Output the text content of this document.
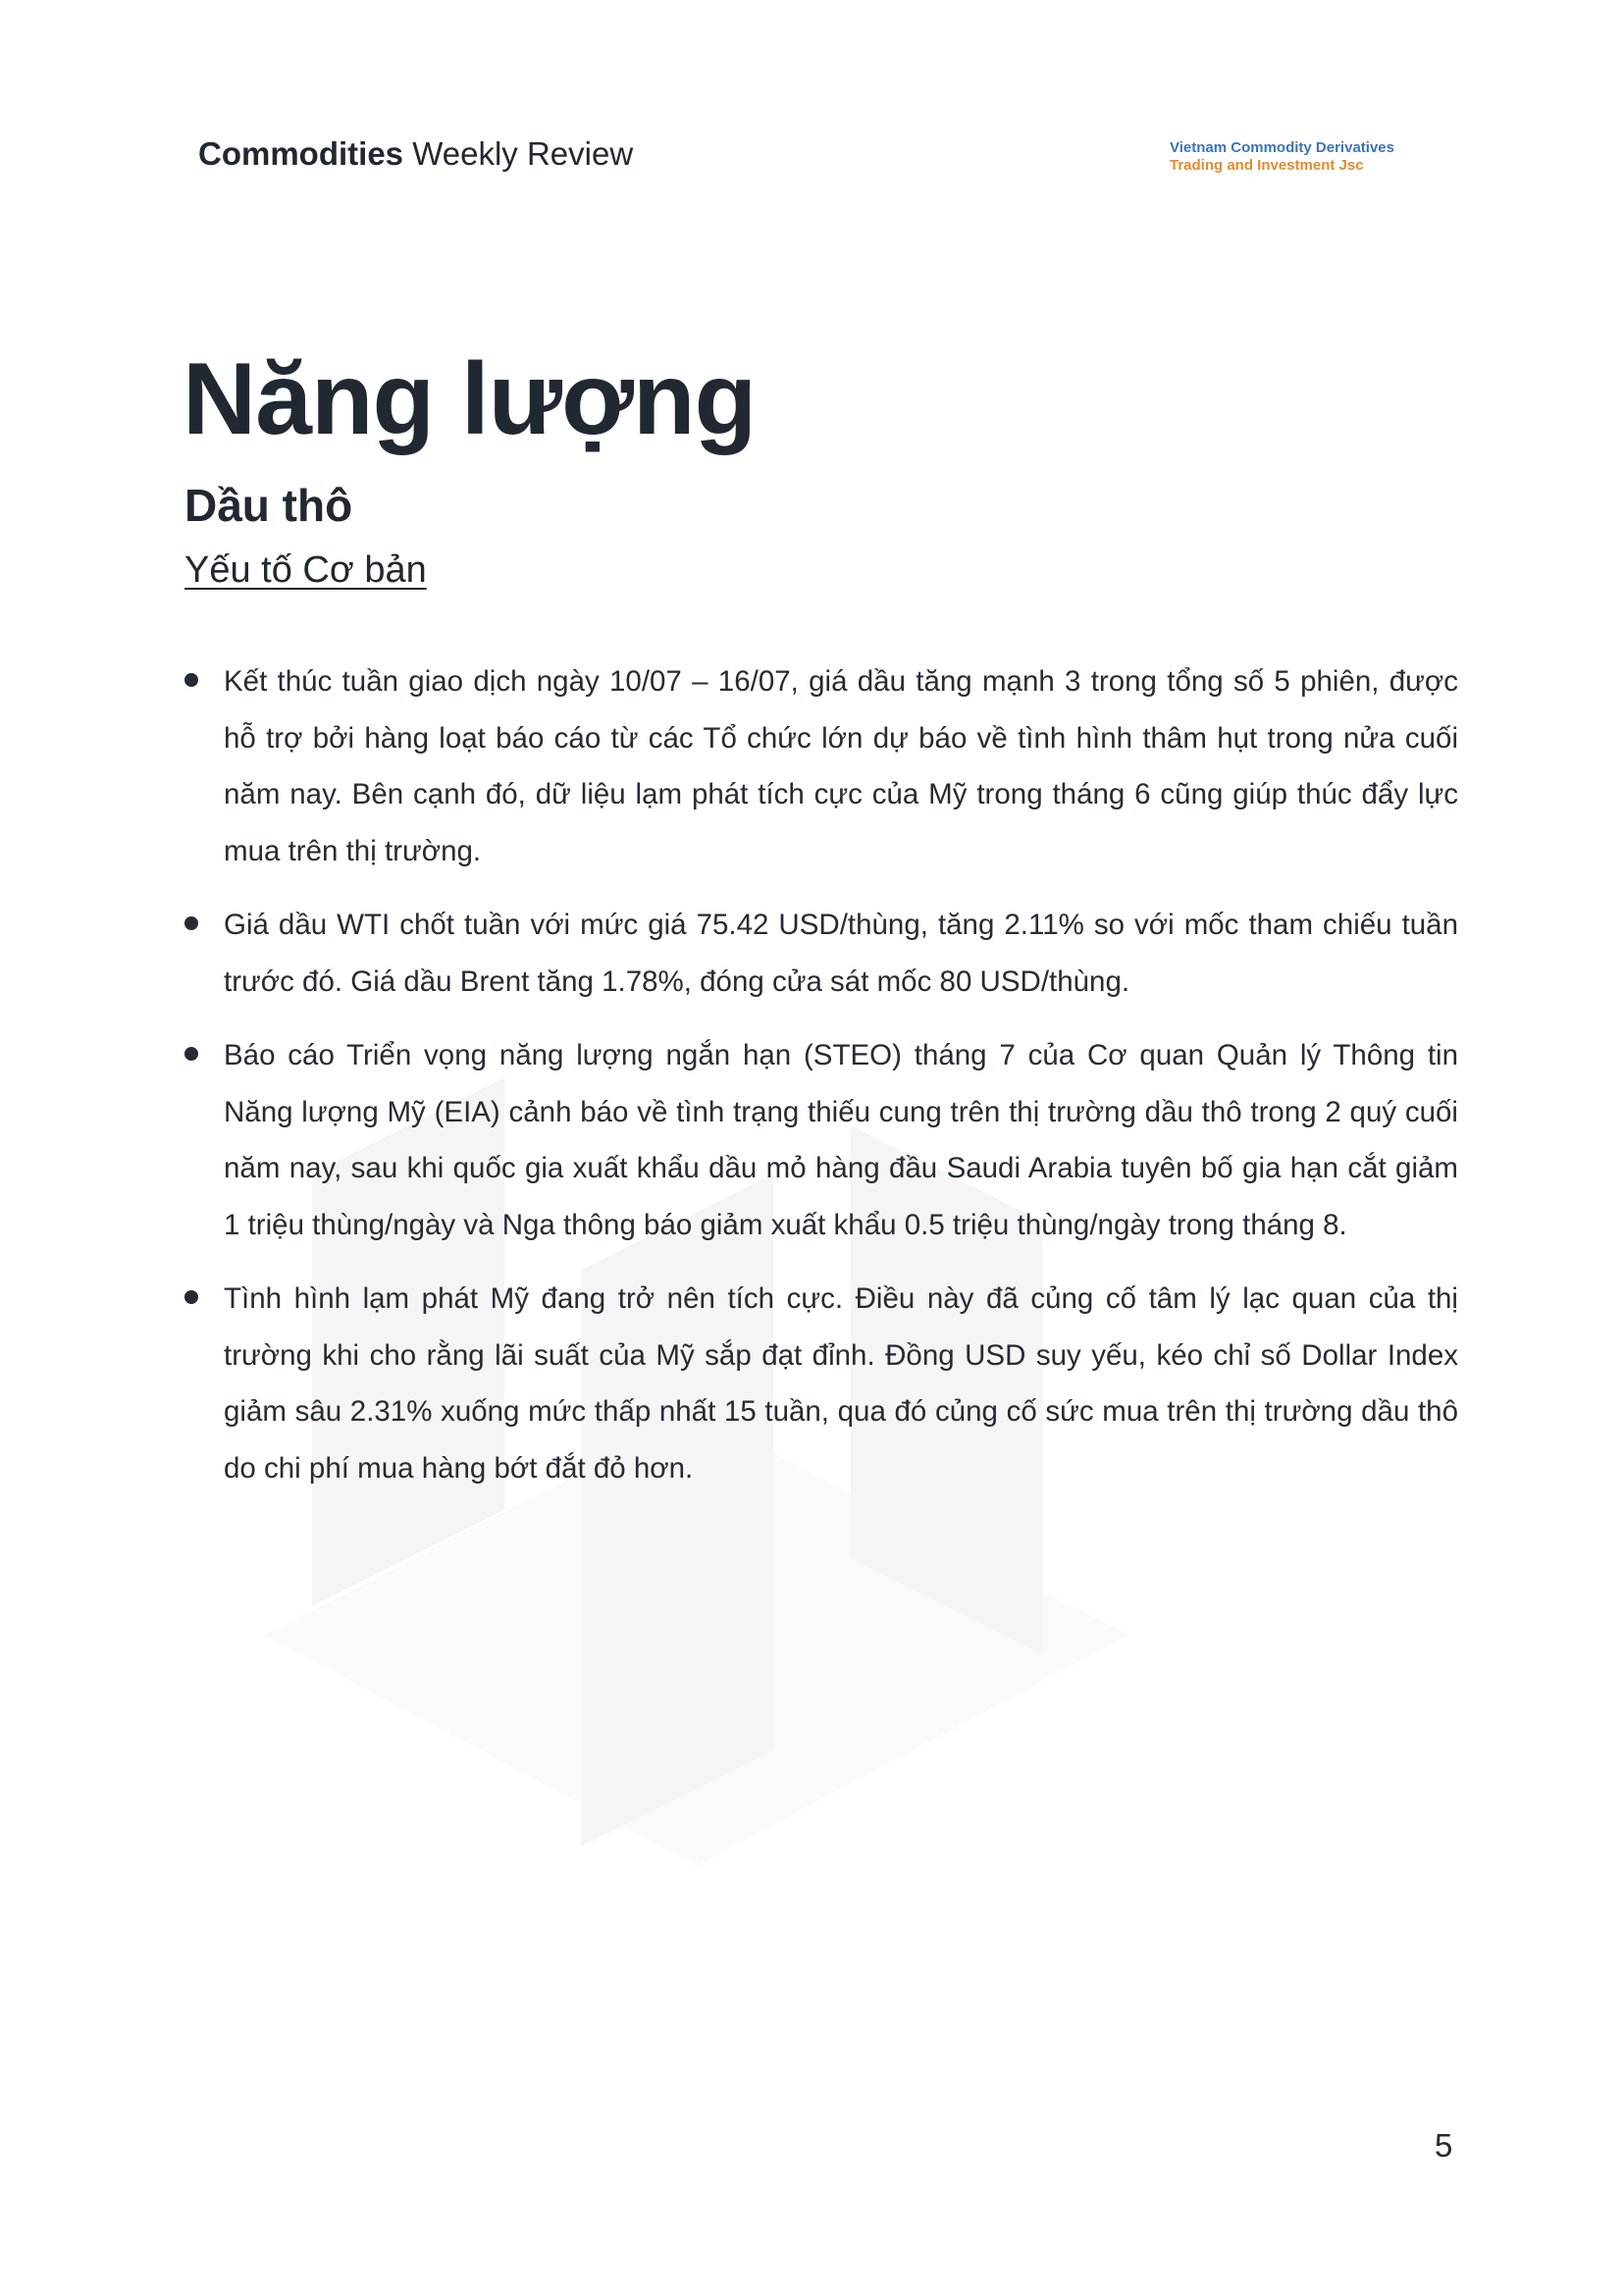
Commodities Weekly Review	Vietnam Commodity Derivatives
Trading and Investment Jsc
Năng lượng
Dầu thô
Yếu tố Cơ bản
Kết thúc tuần giao dịch ngày 10/07 – 16/07, giá dầu tăng mạnh 3 trong tổng số 5 phiên, được hỗ trợ bởi hàng loạt báo cáo từ các Tổ chức lớn dự báo về tình hình thâm hụt trong nửa cuối năm nay. Bên cạnh đó, dữ liệu lạm phát tích cực của Mỹ trong tháng 6 cũng giúp thúc đẩy lực mua trên thị trường.
Giá dầu WTI chốt tuần với mức giá 75.42 USD/thùng, tăng 2.11% so với mốc tham chiếu tuần trước đó. Giá dầu Brent tăng 1.78%, đóng cửa sát mốc 80 USD/thùng.
Báo cáo Triển vọng năng lượng ngắn hạn (STEO) tháng 7 của Cơ quan Quản lý Thông tin Năng lượng Mỹ (EIA) cảnh báo về tình trạng thiếu cung trên thị trường dầu thô trong 2 quý cuối năm nay, sau khi quốc gia xuất khẩu dầu mỏ hàng đầu Saudi Arabia tuyên bố gia hạn cắt giảm 1 triệu thùng/ngày và Nga thông báo giảm xuất khẩu 0.5 triệu thùng/ngày trong tháng 8.
Tình hình lạm phát Mỹ đang trở nên tích cực. Điều này đã củng cố tâm lý lạc quan của thị trường khi cho rằng lãi suất của Mỹ sắp đạt đỉnh. Đồng USD suy yếu, kéo chỉ số Dollar Index giảm sâu 2.31% xuống mức thấp nhất 15 tuần, qua đó củng cố sức mua trên thị trường dầu thô do chi phí mua hàng bớt đắt đỏ hơn.
5
